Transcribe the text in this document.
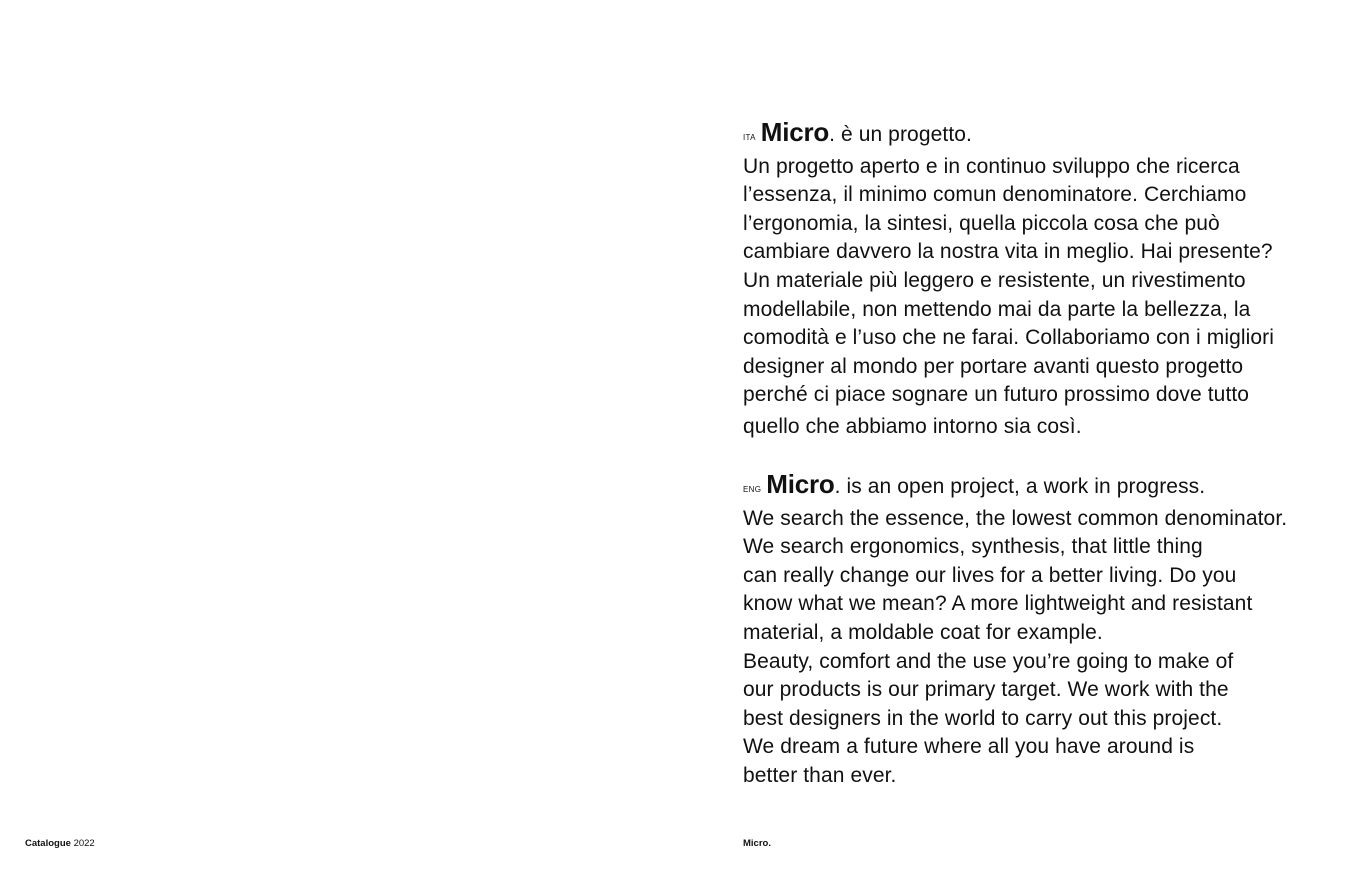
Catalogue 2022
ITA Micro. è un progetto.
Un progetto aperto e in continuo sviluppo che ricerca
l’essenza, il minimo comun denominatore. Cerchiamo
l’ergonomia, la sintesi, quella piccola cosa che può
cambiare davvero la nostra vita in meglio. Hai presente?
Un materiale più leggero e resistente, un rivestimento
modellabile, non mettendo mai da parte la bellezza, la
comodità e l’uso che ne farai. Collaboriamo con i migliori
designer al mondo per portare avanti questo progetto
perché ci piace sognare un futuro prossimo dove tutto
quello che abbiamo intorno sia così.
ENG Micro. is an open project, a work in progress.
We search the essence, the lowest common denominator.
We search ergonomics, synthesis, that little thing
can really change our lives for a better living. Do you
know what we mean? A more lightweight and resistant
material, a moldable coat for example.
Beauty, comfort and the use you’re going to make of
our products is our primary target. We work with the
best designers in the world to carry out this project.
We dream a future where all you have around is
better than ever.
Micro.
